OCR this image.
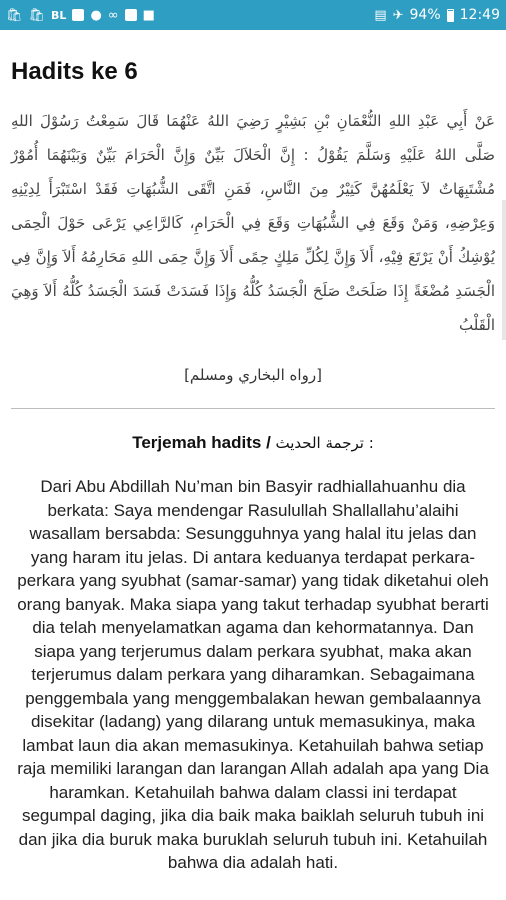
🛍 🛍 BL ● ∞ ■	▤ ✈ 94% 12:49
Hadits ke 6
عَنْ أَبِي عَبْدِ اللهِ النُّعْمَانِ بْنِ بَشِيْرٍ رَضِيَ اللهُ عَنْهُمَا قَالَ سَمِعْتُ رَسُوْلَ اللهِ صَلَّى اللهُ عَلَيْهِ وَسَلَّمَ يَقُوْلُ : إِنَّ الْحَلاَلَ بَيِّنٌ وَإِنَّ الْحَرَامَ بَيِّنٌ وَبَيْنَهُمَا أُمُوْرٌ مُشْتَبِهَاتٌ لاَ يَعْلَمُهُنَّ كَثِيْرٌ مِنَ النَّاسِ، فَمَنِ اتَّقَى الشُّبُهَاتِ فَقَدْ اسْتَبْرَأَ لِدِيْنِهِ وَعِرْضِهِ، وَمَنْ وَقَعَ فِي الشُّبُهَاتِ وَقَعَ فِي الْحَرَامِ، كَالرَّاعِي يَرْعَى حَوْلَ الْحِمَى يُوْشِكُ أَنْ يَرْتَعَ فِيْهِ، أَلاَ وَإِنَّ لِكُلِّ مَلِكٍ حِمًى أَلاَ وَإِنَّ حِمَى اللهِ مَحَارِمُهُ أَلاَ وَإِنَّ فِي الْجَسَدِ مُضْغَةً إِذَا صَلَحَتْ صَلَحَ الْجَسَدُ كُلُّهُ وَإِذَا فَسَدَتْ فَسَدَ الْجَسَدُ كُلُّهُ أَلاَ وَهِيَ الْقَلْبُ
[رواه البخاري ومسلم]
Terjemah hadits / ترجمة الحديث :
Dari Abu Abdillah Nu’man bin Basyir radhiallahuanhu dia berkata: Saya mendengar Rasulullah Shallallahu’alaihi wasallam bersabda: Sesungguhnya yang halal itu jelas dan yang haram itu jelas. Di antara keduanya terdapat perkara-perkara yang syubhat (samar-samar) yang tidak diketahui oleh orang banyak. Maka siapa yang takut terhadap syubhat berarti dia telah menyelamatkan agama dan kehormatannya. Dan siapa yang terjerumus dalam perkara syubhat, maka akan terjerumus dalam perkara yang diharamkan. Sebagaimana penggembala yang menggembalakan hewan gembalaannya disekitar (ladang) yang dilarang untuk memasukinya, maka lambat laun dia akan memasukinya. Ketahuilah bahwa setiap raja memiliki larangan dan larangan Allah adalah apa yang Dia haramkan. Ketahuilah bahwa dalam classi ini terdapat segumpal daging, jika dia baik maka baiklah seluruh tubuh ini dan jika dia buruk maka buruklah seluruh tubuh ini. Ketahuilah bahwa dia adalah hati.
